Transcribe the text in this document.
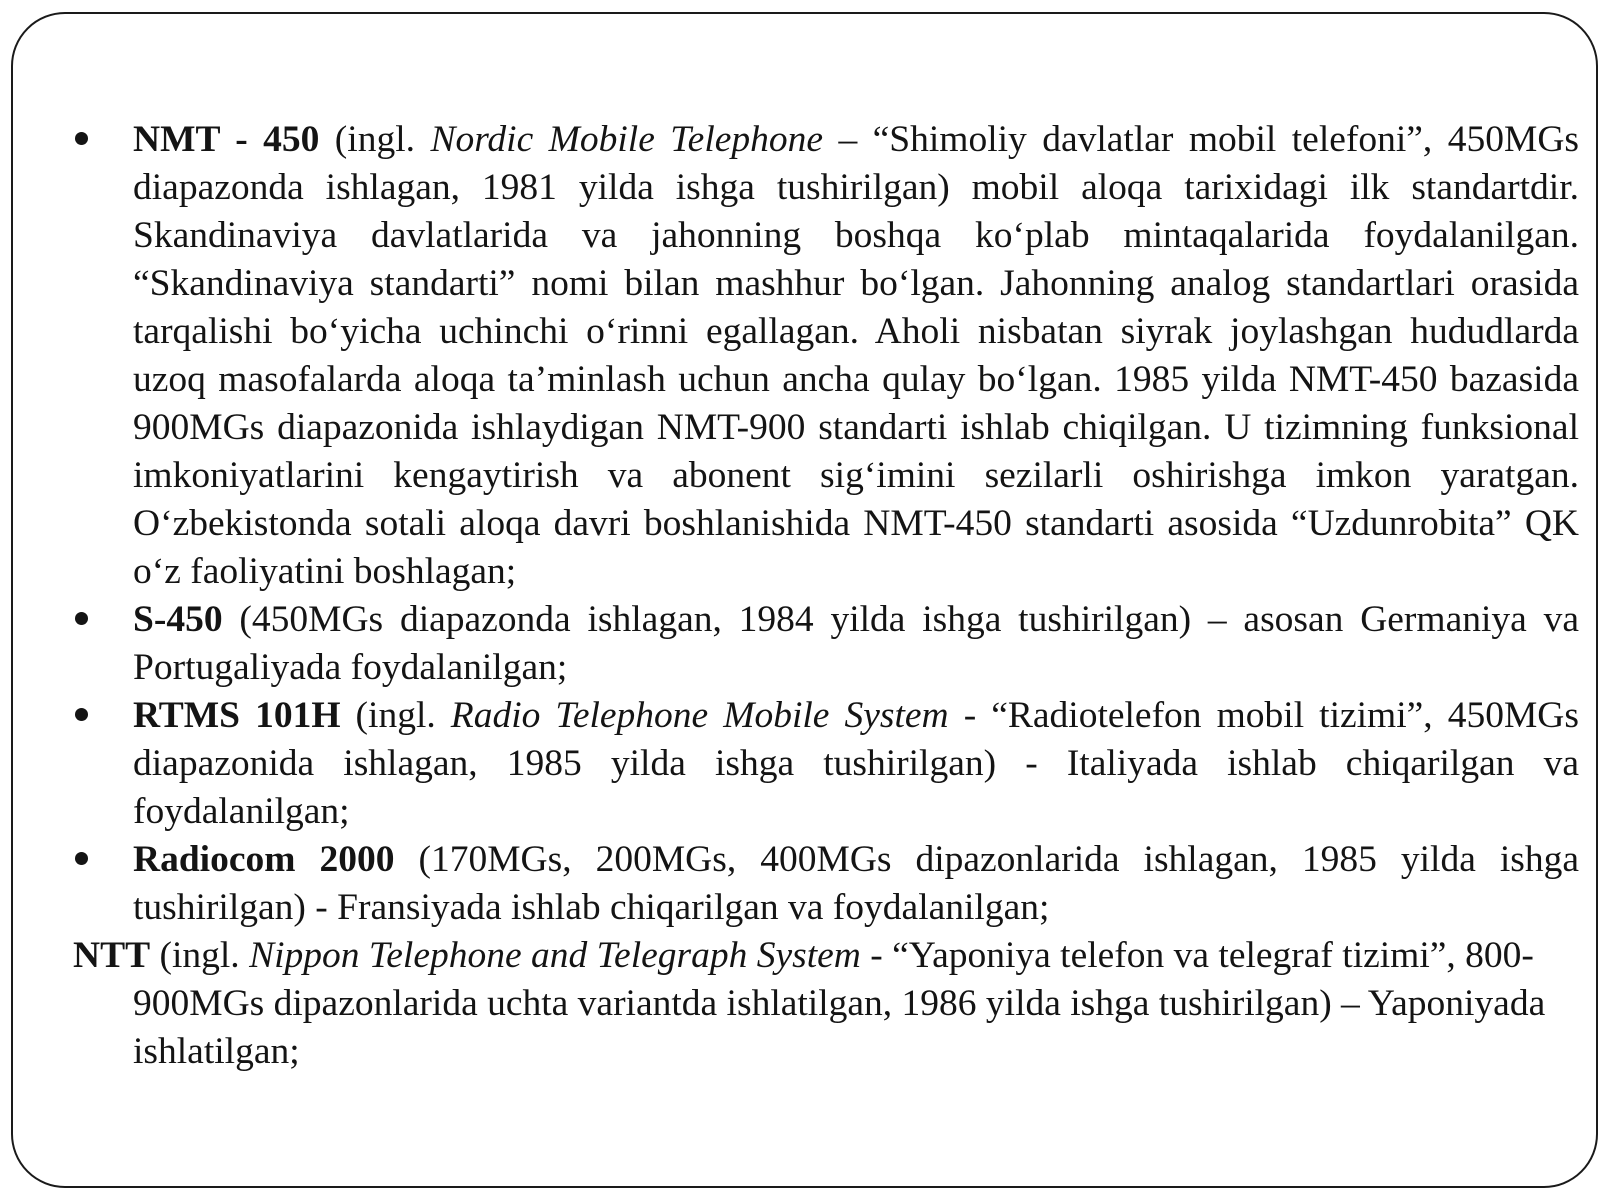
NMT - 450 (ingl. Nordic Mobile Telephone – “Shimoliy davlatlar mobil telefoni”, 450MGs diapazonda ishlagan, 1981 yilda ishga tushirilgan) mobil aloqa tarixidagi ilk standartdir. Skandinaviya davlatlarida va jahonning boshqa koʻplab mintaqalarida foydalanilgan. “Skandinaviya standarti” nomi bilan mashhur boʻlgan. Jahonning analog standartlari orasida tarqalishi boʻyicha uchinchi oʻrinni egallagan. Aholi nisbatan siyrak joylashgan hududlarda uzoq masofalarda aloqa taʼminlash uchun ancha qulay boʻlgan. 1985 yilda NMT-450 bazasida 900MGs diapazonida ishlaydigan NMT-900 standarti ishlab chiqilgan. U tizimning funksional imkoniyatlarini kengaytirish va abonent sigʻimini sezilarli oshirishga imkon yaratgan. Oʻzbekistonda sotali aloqa davri boshlanishida NMT-450 standarti asosida “Uzdunrobita” QK oʻz faoliyatini boshlagan;
S-450 (450MGs diapazonda ishlagan, 1984 yilda ishga tushirilgan) – asosan Germaniya va Portugaliyada foydalanilgan;
RTMS 101H (ingl. Radio Telephone Mobile System - “Radiotelefon mobil tizimi”, 450MGs diapazonida ishlagan, 1985 yilda ishga tushirilgan) - Italiyada ishlab chiqarilgan va foydalanilgan;
Radiocom 2000 (170MGs, 200MGs, 400MGs dipazonlarida ishlagan, 1985 yilda ishga tushirilgan) - Fransiyada ishlab chiqarilgan va foydalanilgan;

NTT (ingl. Nippon Telephone and Telegraph System - “Yaponiya telefon va telegraf tizimi”, 800-900MGs dipazonlarida uchta variantda ishlatilgan, 1986 yilda ishga tushirilgan) – Yaponiyada ishlatilgan;
